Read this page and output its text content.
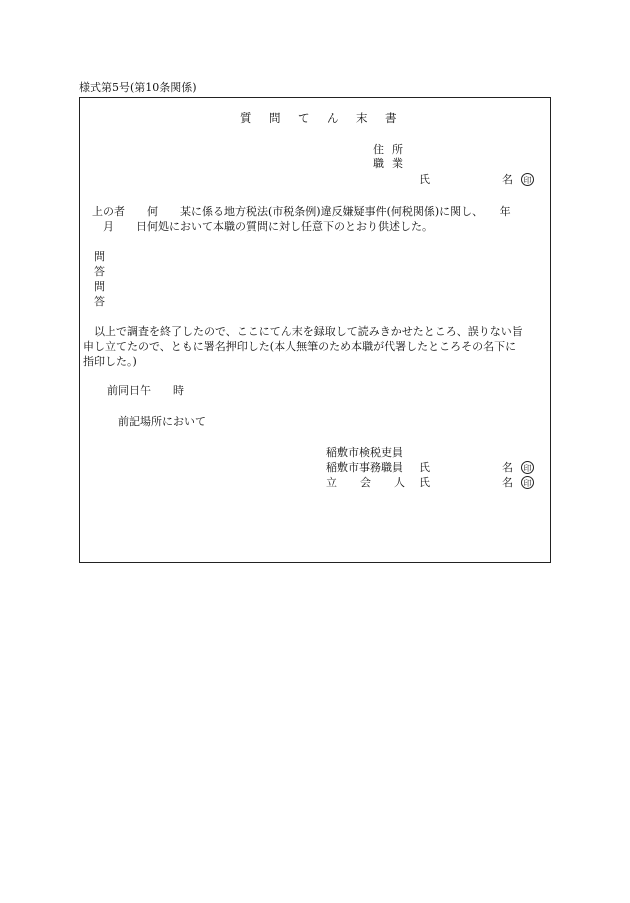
様式第5号(第10条関係)
質 問 て ん 末 書
住 所
職 業
氏	名	印
上の者　　何　　某に係る地方税法(市税条例)違反嫌疑事件(何税関係)に関し、　　年
　月　　日何処において本職の質問に対し任意下のとおり供述した。
問
答
問
答
　以上で調査を終了したので、ここにてん末を録取して読みきかせたところ、誤りない旨
申し立てたので、ともに署名押印した(本人無筆のため本職が代署したところその名下に
指印した。)
前同日午　　時
前記場所において
稲敷市検税吏員
稲敷市事務職員 氏	名	印
立 会 人 氏	名	印
